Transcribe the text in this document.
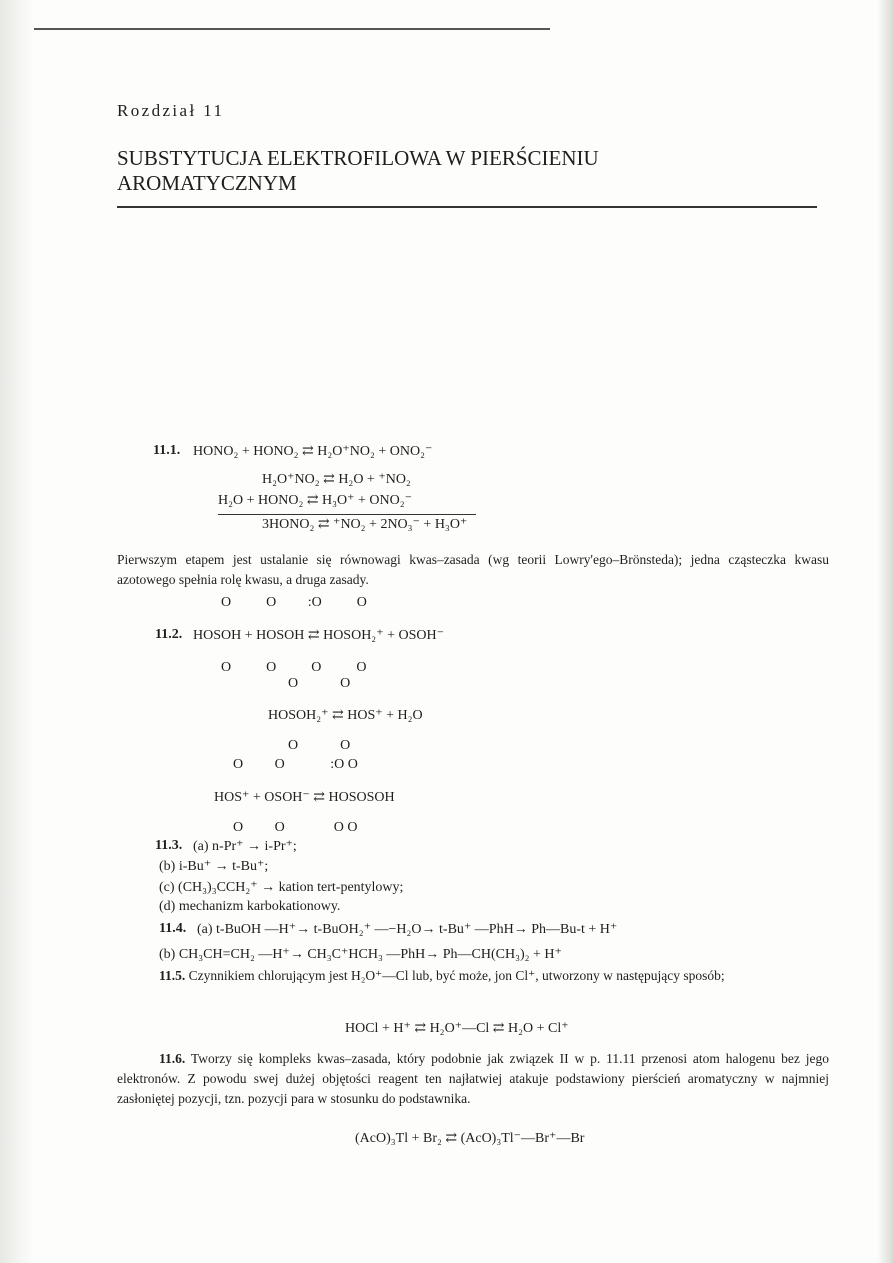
Rozdział 11
SUBSTYTUCJA ELEKTROFILOWA W PIERŚCIENIU
AROMATYCZNYM
11.1. HONO₂ + HONO₂ ⇄ H₂O⁺NO₂ + ONO₂⁻
H₂O⁺NO₂ ⇄ H₂O + ⁺NO₂
H₂O + HONO₂ ⇄ H₃O⁺ + ONO₂⁻
3HONO₂ ⇄ ⁺NO₂ + 2NO₃⁻ + H₃O⁺
Pierwszym etapem jest ustalanie się równowagi kwas–zasada (wg teorii Lowry'ego–Brönsteda); jedna cząsteczka kwasu azotowego spełnia rolę kwasu, a druga zasady.
O          O         :O          O
11.2. HOSOH + HOSOH ⇄ HOSOH₂⁺ + OSOH⁻
O          O          O          O
O            O
HOSOH₂⁺ ⇄ HOS⁺ + H₂O
O            O
O         O             :O O
HOS⁺ + OSOH⁻ ⇄ HOSOSOH
O         O              O O
11.3. (a) n-Pr⁺ → i-Pr⁺;
(b) i-Bu⁺ → t-Bu⁺;
(c) (CH₃)₃CCH₂⁺ → kation tert-pentylowy;
(d) mechanizm karbokationowy.
11.4. (a) t-BuOH —H⁺→ t-BuOH₂⁺ —−H₂O→ t-Bu⁺ —PhH→ Ph—Bu-t + H⁺
(b) CH₃CH=CH₂ —H⁺→ CH₃C⁺HCH₃ —PhH→ Ph—CH(CH₃)₂ + H⁺
11.5. Czynnikiem chlorującym jest H₂O⁺—Cl lub, być może, jon Cl⁺, utworzony w następujący sposób;
HOCl + H⁺ ⇄ H₂O⁺—Cl ⇄ H₂O + Cl⁺
11.6. Tworzy się kompleks kwas–zasada, który podobnie jak związek II w p. 11.11 przenosi atom halogenu bez jego elektronów. Z powodu swej dużej objętości reagent ten najłatwiej atakuje podstawiony pierścień aromatyczny w najmniej zasłoniętej pozycji, tzn. pozycji para w stosunku do podstawnika.
(AcO)₃Tl + Br₂ ⇄ (AcO)₃Tl⁻—Br⁺—Br
